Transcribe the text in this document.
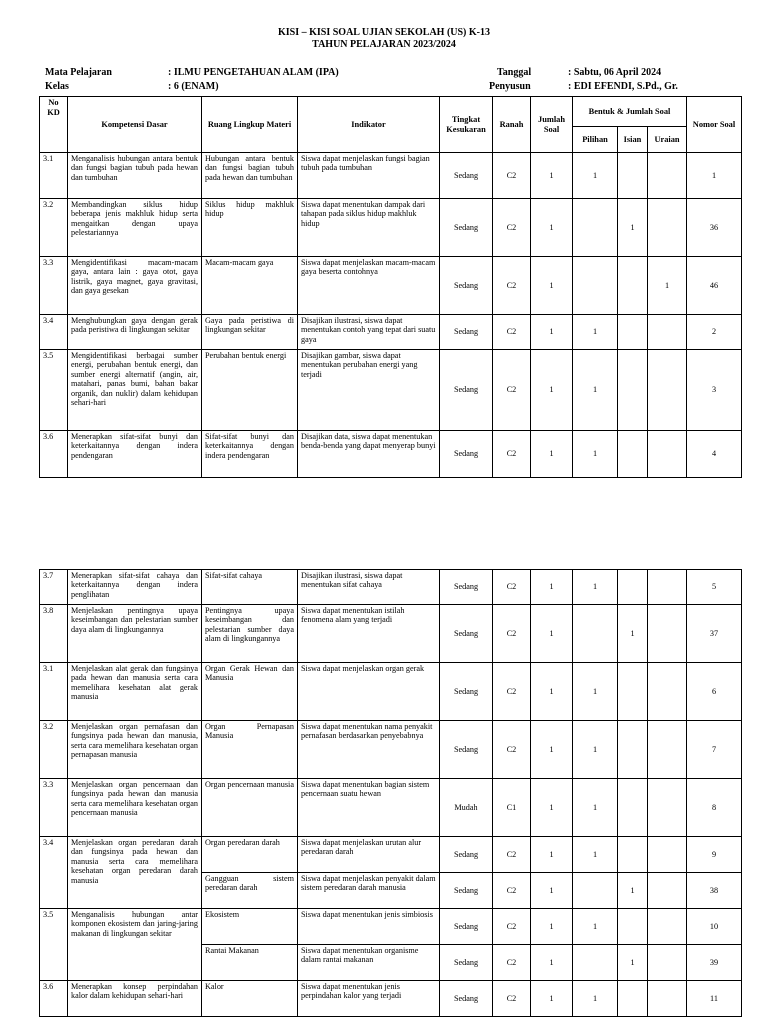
KISI – KISI SOAL UJIAN SEKOLAH (US) K-13
TAHUN PELAJARAN 2023/2024
Mata Pelajaran	: ILMU PENGETAHUAN ALAM (IPA)
Kelas	: 6 (ENAM)
Tanggal	: Sabtu, 06 April 2024
Penyusun	: EDI EFENDI, S.Pd., Gr.
No KD	Kompetensi Dasar	Ruang Lingkup Materi	Indikator	Tingkat Kesukaran	Ranah	Jumlah Soal	Bentuk & Jumlah Soal			Nomor Soal
							Pilihan	Isian	Uraian	
3.1	Menganalisis hubungan antara bentuk dan fungsi bagian tubuh pada hewan dan tumbuhan	Hubungan antara bentuk dan fungsi bagian tubuh pada hewan dan tumbuhan	Siswa dapat menjelaskan fungsi bagian tubuh pada tumbuhan	Sedang	C2	1	1			1
3.2	Membandingkan siklus hidup beberapa jenis makhluk hidup serta mengaitkan dengan upaya pelestariannya	Siklus hidup makhluk hidup	Siswa dapat menentukan dampak dari tahapan pada siklus hidup makhluk hidup	Sedang	C2	1		1		36
3.3	Mengidentifikasi macam-macam gaya, antara lain : gaya otot, gaya listrik, gaya magnet, gaya gravitasi, dan gaya gesekan	Macam-macam gaya	Siswa dapat menjelaskan macam-macam gaya beserta contohnya	Sedang	C2	1			1	46
3.4	Menghubungkan gaya dengan gerak pada peristiwa di lingkungan sekitar	Gaya pada peristiwa di lingkungan sekitar	Disajikan ilustrasi, siswa dapat menentukan contoh yang tepat dari suatu gaya	Sedang	C2	1	1			2
3.5	Mengidentifikasi berbagai sumber energi, perubahan bentuk energi, dan sumber energi alternatif (angin, air, matahari, panas bumi, bahan bakar organik, dan nuklir) dalam kehidupan sehari-hari	Perubahan bentuk energi	Disajikan gambar, siswa dapat menentukan perubahan energi yang terjadi	Sedang	C2	1	1			3
3.6	Menerapkan sifat-sifat bunyi dan keterkaitannya dengan indera pendengaran	Sifat-sifat bunyi dan keterkaitannya dengan indera pendengaran	Disajikan data, siswa dapat menentukan benda-benda yang dapat menyerap bunyi	Sedang	C2	1	1			4
3.7	Menerapkan sifat-sifat cahaya dan keterkaitannya dengan indera penglihatan	Sifat-sifat cahaya	Disajikan ilustrasi, siswa dapat menentukan sifat cahaya	Sedang	C2	1	1			5
3.8	Menjelaskan pentingnya upaya keseimbangan dan pelestarian sumber daya alam di lingkungannya	Pentingnya upaya keseimbangan dan pelestarian sumber daya alam di lingkungannya	Siswa dapat menentukan istilah fenomena alam yang terjadi	Sedang	C2	1		1		37
3.1	Menjelaskan alat gerak dan fungsinya pada hewan dan manusia serta cara memelihara kesehatan alat gerak manusia	Organ Gerak Hewan dan Manusia	Siswa dapat menjelaskan organ gerak	Sedang	C2	1	1			6
3.2	Menjelaskan organ pernafasan dan fungsinya pada hewan dan manusia, serta cara memelihara kesehatan organ pernapasan manusia	Organ Pernapasan Manusia	Siswa dapat menentukan nama penyakit pernafasan berdasarkan penyebabnya	Sedang	C2	1	1			7
3.3	Menjelaskan organ pencernaan dan fungsinya pada hewan dan manusia serta cara memelihara kesehatan organ pencernaan manusia	Organ pencernaan manusia	Siswa dapat menentukan bagian sistem pencernaan suatu hewan	Mudah	C1	1	1			8
3.4	Menjelaskan organ peredaran darah dan fungsinya pada hewan dan manusia serta cara memelihara kesehatan organ peredaran darah manusia	Organ peredaran darah	Siswa dapat menjelaskan urutan alur peredaran darah	Sedang	C2	1	1			9
		Gangguan sistem peredaran darah	Siswa dapat menjelaskan penyakit dalam sistem peredaran darah manusia	Sedang	C2	1		1		38
3.5	Menganalisis hubungan antar komponen ekosistem dan jaring-jaring makanan di lingkungan sekitar	Ekosistem	Siswa dapat menentukan jenis simbiosis	Sedang	C2	1	1			10
		Rantai Makanan	Siswa dapat menentukan organisme dalam rantai makanan	Sedang	C2	1		1		39
3.6	Menerapkan konsep perpindahan kalor dalam kehidupan sehari-hari	Kalor	Siswa dapat menentukan jenis perpindahan kalor yang terjadi	Sedang	C2	1	1			11
